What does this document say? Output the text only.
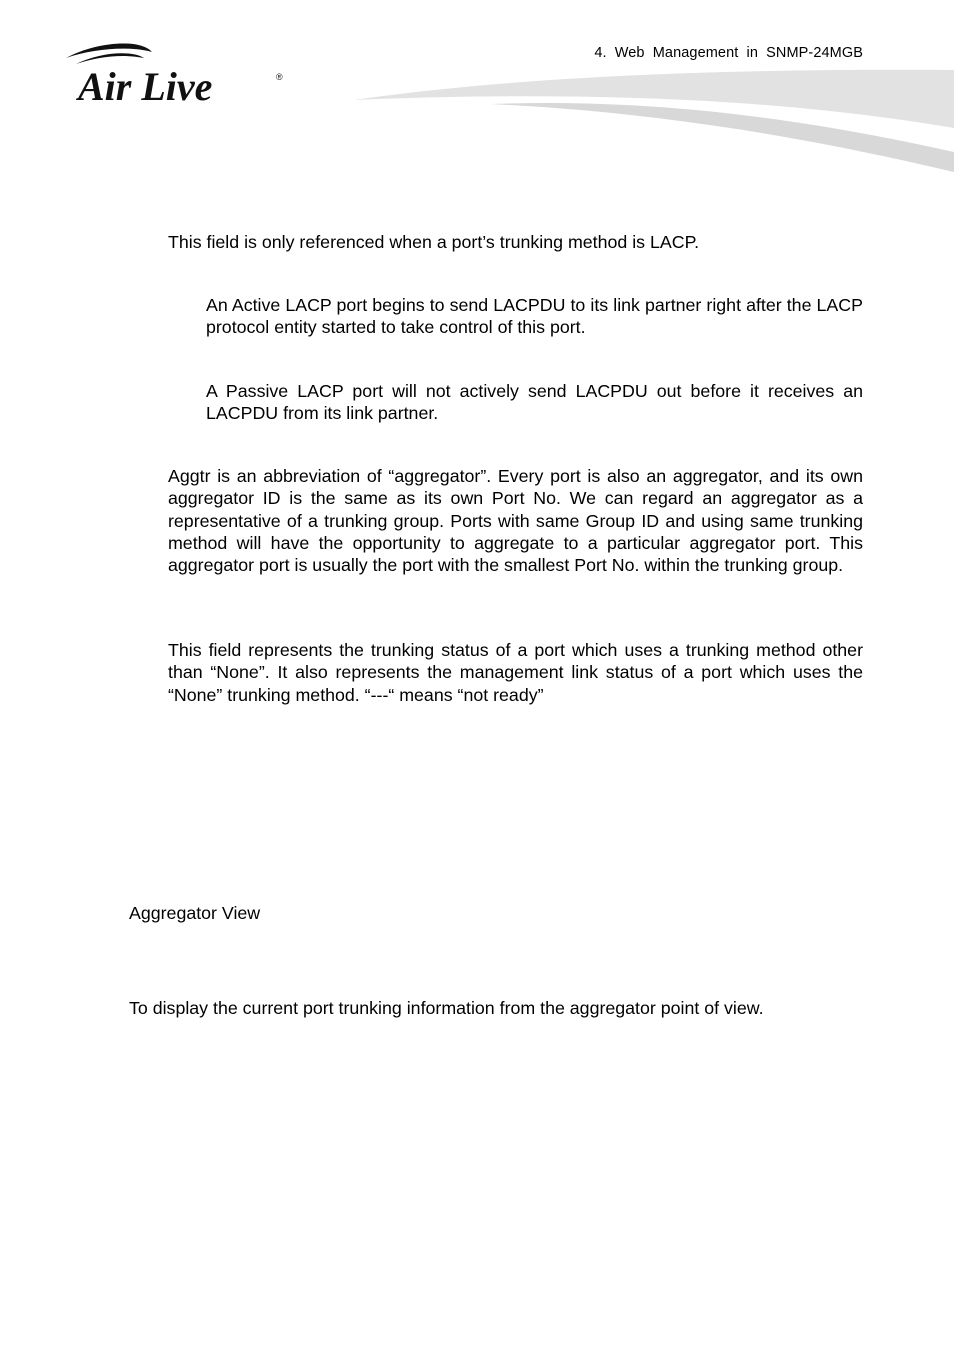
Air Live	®
4. Web Management in SNMP-24MGB

This field is only referenced when a port’s trunking method is LACP.

An Active LACP port begins to send LACPDU to its link partner right after the LACP protocol entity started to take control of this port.

A Passive LACP port will not actively send LACPDU out before it receives an LACPDU from its link partner.

Aggtr is an abbreviation of “aggregator”. Every port is also an aggregator, and its own aggregator ID is the same as its own Port No. We can regard an aggregator as a representative of a trunking group. Ports with same Group ID and using same trunking method will have the opportunity to aggregate to a particular aggregator port. This aggregator port is usually the port with the smallest Port No. within the trunking group.

This field represents the trunking status of a port which uses a trunking method other than “None”. It also represents the management link status of a port which uses the “None” trunking method. “---“ means “not ready”

Aggregator View

To display the current port trunking information from the aggregator point of view.
